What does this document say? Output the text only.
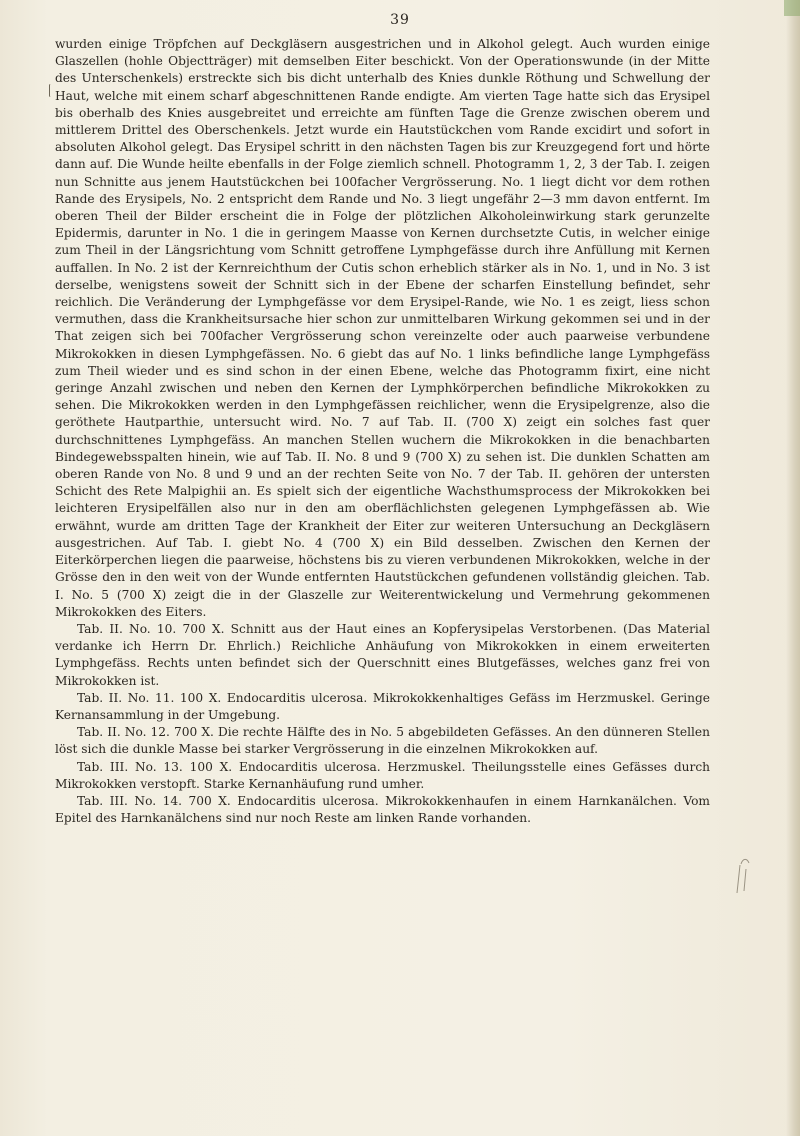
39

wurden einige Tröpfchen auf Deckgläsern ausgestrichen und in Alkohol gelegt. Auch wurden einige Glaszellen (hohle Objectträger) mit demselben Eiter beschickt. Von der Operationswunde (in der Mitte des Unterschenkels) erstreckte sich bis dicht unterhalb des Knies dunkle Röthung und Schwellung der Haut, welche mit einem scharf abgeschnittenen Rande endigte. Am vierten Tage hatte sich das Erysipel bis oberhalb des Knies ausgebreitet und erreichte am fünften Tage die Grenze zwischen oberem und mittlerem Drittel des Oberschenkels. Jetzt wurde ein Hautstückchen vom Rande excidirt und sofort in absoluten Alkohol gelegt. Das Erysipel schritt in den nächsten Tagen bis zur Kreuzgegend fort und hörte dann auf. Die Wunde heilte ebenfalls in der Folge ziemlich schnell. Photogramm 1, 2, 3 der Tab. I. zeigen nun Schnitte aus jenem Hautstückchen bei 100facher Vergrösserung. No. 1 liegt dicht vor dem rothen Rande des Erysipels, No. 2 entspricht dem Rande und No. 3 liegt ungefähr 2—3 mm davon entfernt. Im oberen Theil der Bilder erscheint die in Folge der plötzlichen Alkoholeinwirkung stark gerunzelte Epidermis, darunter in No. 1 die in geringem Maasse von Kernen durchsetzte Cutis, in welcher einige zum Theil in der Längsrichtung vom Schnitt getroffene Lymphgefässe durch ihre Anfüllung mit Kernen auffallen. In No. 2 ist der Kernreichthum der Cutis schon erheblich stärker als in No. 1, und in No. 3 ist derselbe, wenigstens soweit der Schnitt sich in der Ebene der scharfen Einstellung befindet, sehr reichlich. Die Veränderung der Lymphgefässe vor dem Erysipel-Rande, wie No. 1 es zeigt, liess schon vermuthen, dass die Krankheitsursache hier schon zur unmittelbaren Wirkung gekommen sei und in der That zeigen sich bei 700facher Vergrösserung schon vereinzelte oder auch paarweise verbundene Mikrokokken in diesen Lymphgefässen. No. 6 giebt das auf No. 1 links befindliche lange Lymphgefäss zum Theil wieder und es sind schon in der einen Ebene, welche das Photogramm fixirt, eine nicht geringe Anzahl zwischen und neben den Kernen der Lymphkörperchen befindliche Mikrokokken zu sehen. Die Mikrokokken werden in den Lymphgefässen reichlicher, wenn die Erysipelgrenze, also die geröthete Hautparthie, untersucht wird. No. 7 auf Tab. II. (700 X) zeigt ein solches fast quer durchschnittenes Lymphgefäss. An manchen Stellen wuchern die Mikrokokken in die benachbarten Bindegewebsspalten hinein, wie auf Tab. II. No. 8 und 9 (700 X) zu sehen ist. Die dunklen Schatten am oberen Rande von No. 8 und 9 und an der rechten Seite von No. 7 der Tab. II. gehören der untersten Schicht des Rete Malpighii an. Es spielt sich der eigentliche Wachsthumsprocess der Mikrokokken bei leichteren Erysipelfällen also nur in den am oberflächlichsten gelegenen Lymphgefässen ab. Wie erwähnt, wurde am dritten Tage der Krankheit der Eiter zur weiteren Untersuchung an Deckgläsern ausgestrichen. Auf Tab. I. giebt No. 4 (700 X) ein Bild desselben. Zwischen den Kernen der Eiterkörperchen liegen die paarweise, höchstens bis zu vieren verbundenen Mikrokokken, welche in der Grösse den in den weit von der Wunde entfernten Hautstückchen gefundenen vollständig gleichen. Tab. I. No. 5 (700 X) zeigt die in der Glaszelle zur Weiterentwickelung und Vermehrung gekommenen Mikrokokken des Eiters.

Tab. II. No. 10. 700 X. Schnitt aus der Haut eines an Kopferysipelas Verstorbenen. (Das Material verdanke ich Herrn Dr. Ehrlich.) Reichliche Anhäufung von Mikrokokken in einem erweiterten Lymphgefäss. Rechts unten befindet sich der Querschnitt eines Blutgefässes, welches ganz frei von Mikrokokken ist.

Tab. II. No. 11. 100 X. Endocarditis ulcerosa. Mikrokokkenhaltiges Gefäss im Herzmuskel. Geringe Kernansammlung in der Umgebung.

Tab. II. No. 12. 700 X. Die rechte Hälfte des in No. 5 abgebildeten Gefässes. An den dünneren Stellen löst sich die dunkle Masse bei starker Vergrösserung in die einzelnen Mikrokokken auf.

Tab. III. No. 13. 100 X. Endocarditis ulcerosa. Herzmuskel. Theilungsstelle eines Gefässes durch Mikrokokken verstopft. Starke Kernanhäufung rund umher.

Tab. III. No. 14. 700 X. Endocarditis ulcerosa. Mikrokokkenhaufen in einem Harnkanälchen. Vom Epitel des Harnkanälchens sind nur noch Reste am linken Rande vorhanden.
